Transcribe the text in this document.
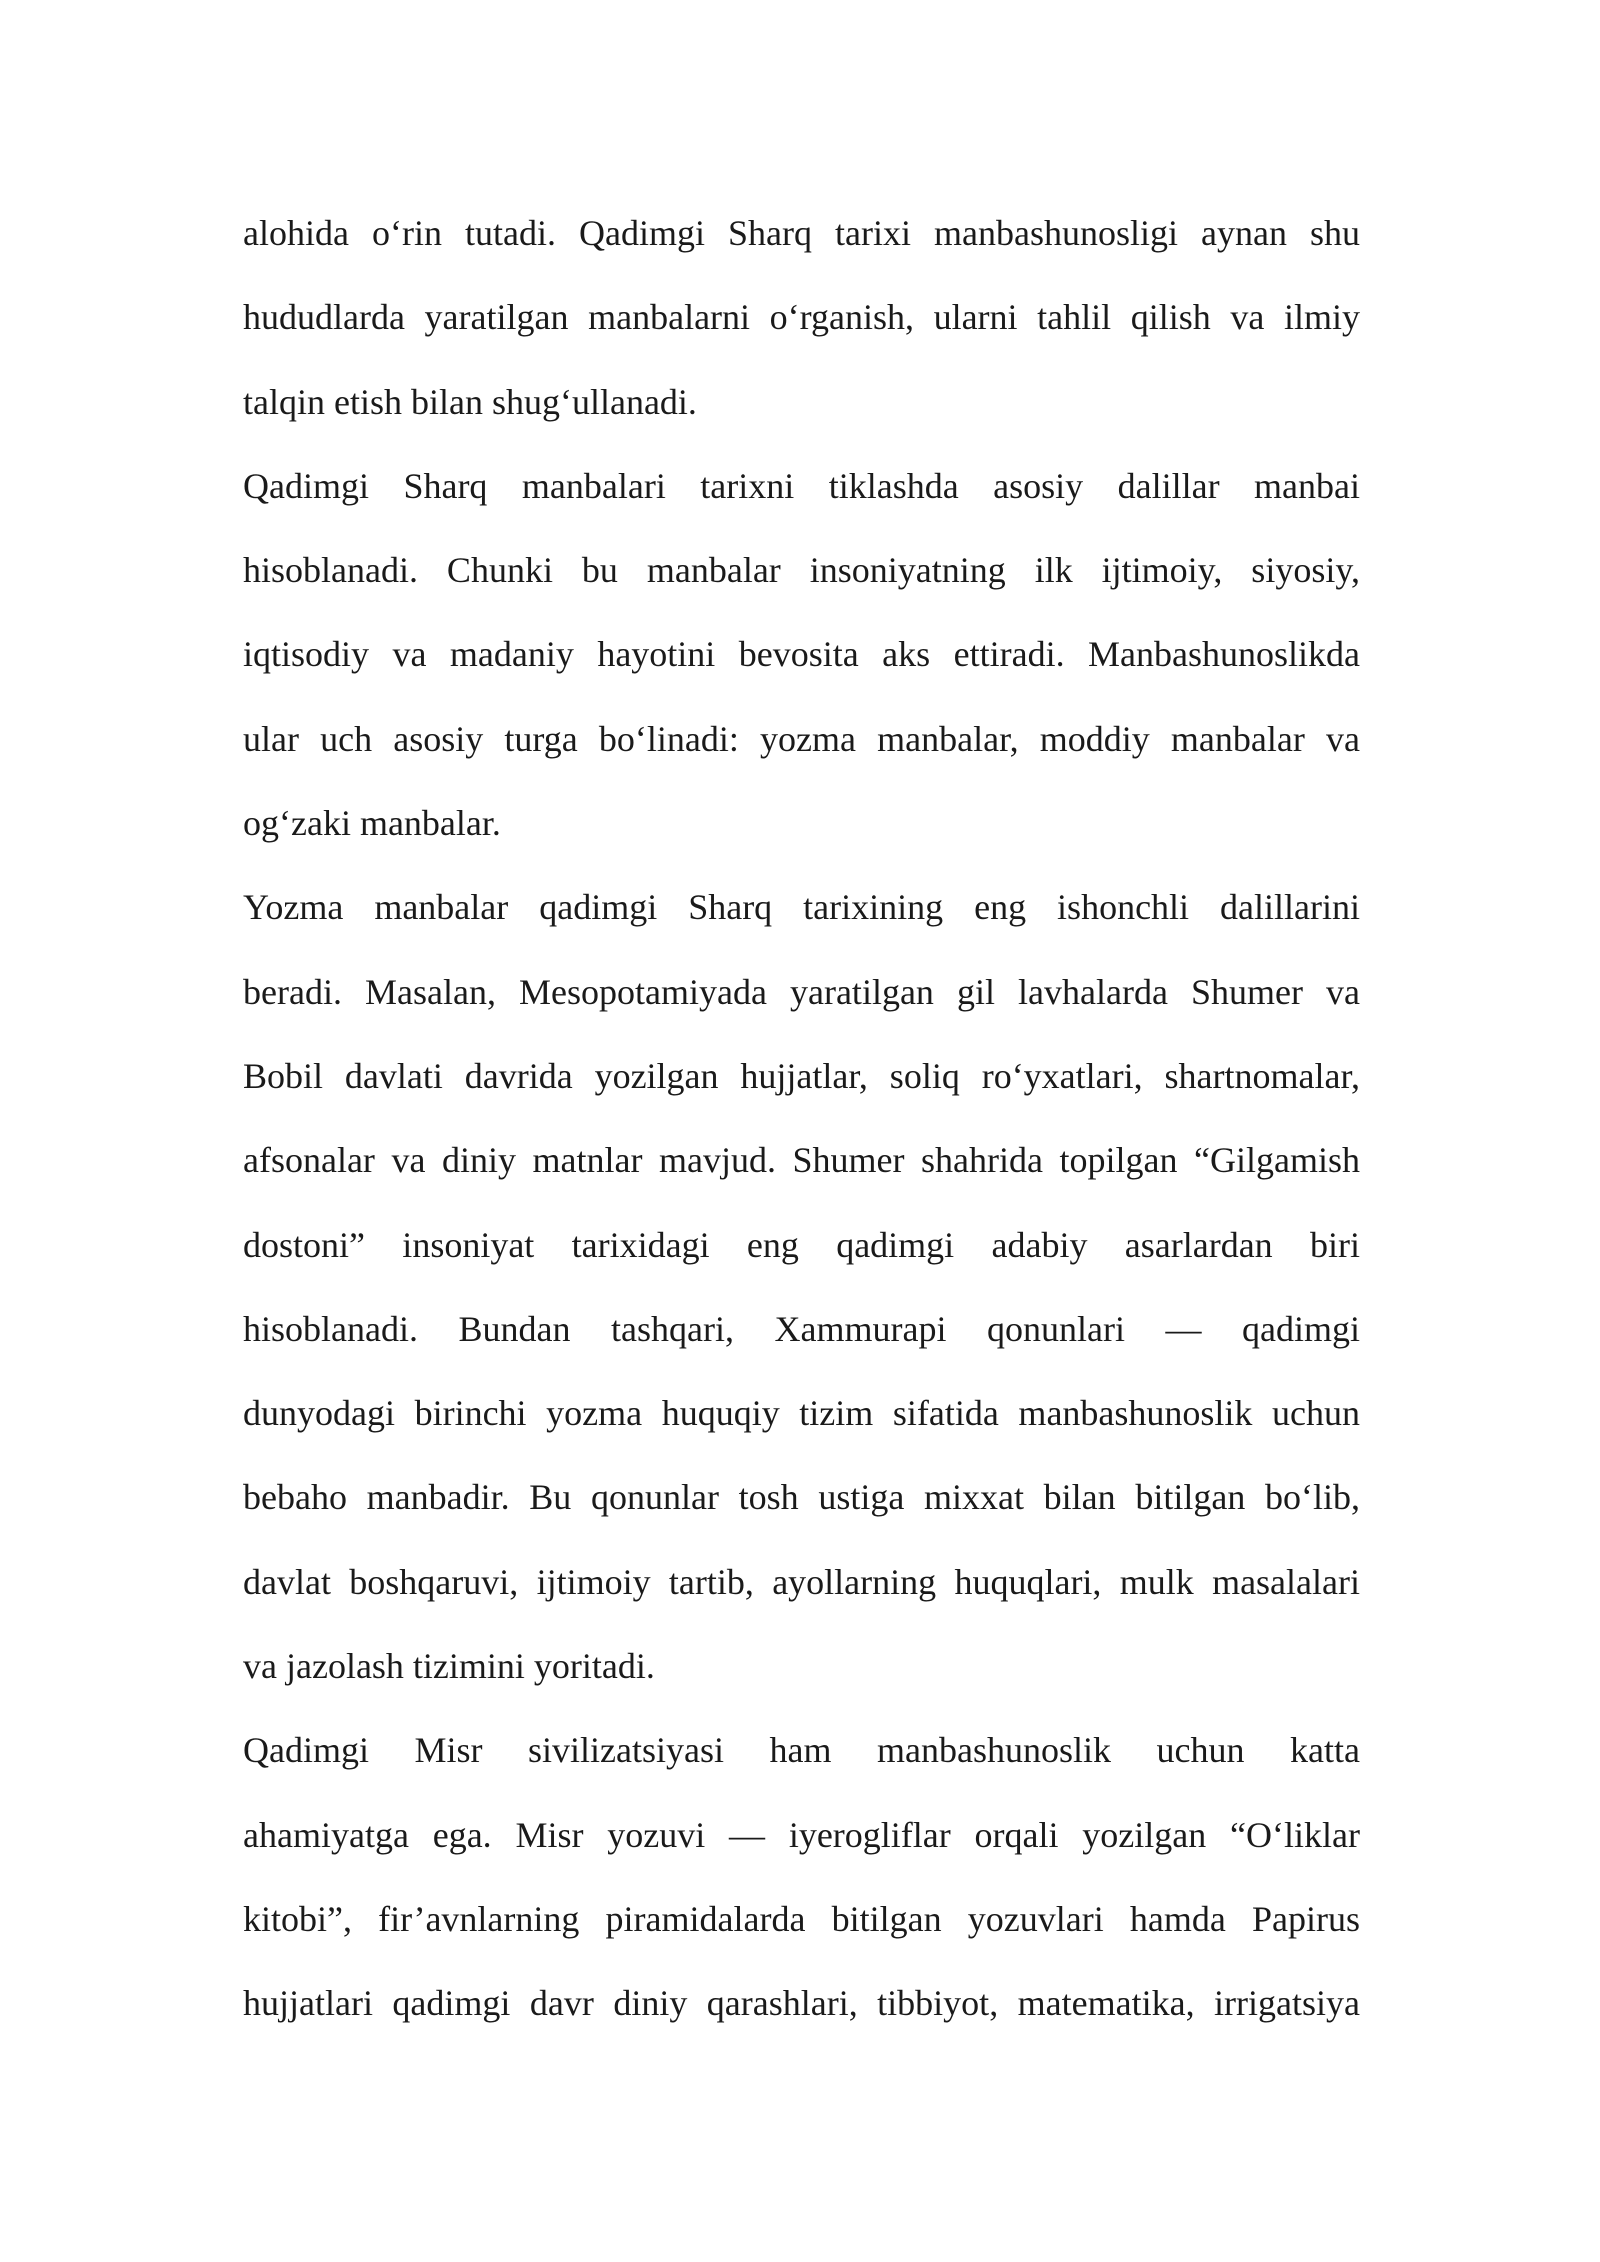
alohida o‘rin tutadi. Qadimgi Sharq tarixi manbashunosligi aynan shu
hududlarda yaratilgan manbalarni o‘rganish, ularni tahlil qilish va ilmiy
talqin etish bilan shug‘ullanadi.
Qadimgi Sharq manbalari tarixni tiklashda asosiy dalillar manbai
hisoblanadi. Chunki bu manbalar insoniyatning ilk ijtimoiy, siyosiy,
iqtisodiy va madaniy hayotini bevosita aks ettiradi. Manbashunoslikda
ular uch asosiy turga bo‘linadi: yozma manbalar, moddiy manbalar va
og‘zaki manbalar.
Yozma manbalar qadimgi Sharq tarixining eng ishonchli dalillarini
beradi. Masalan, Mesopotamiyada yaratilgan gil lavhalarda Shumer va
Bobil davlati davrida yozilgan hujjatlar, soliq ro‘yxatlari, shartnomalar,
afsonalar va diniy matnlar mavjud. Shumer shahrida topilgan “Gilgamish
dostoni” insoniyat tarixidagi eng qadimgi adabiy asarlardan biri
hisoblanadi. Bundan tashqari, Xammurapi qonunlari — qadimgi
dunyodagi birinchi yozma huquqiy tizim sifatida manbashunoslik uchun
bebaho manbadir. Bu qonunlar tosh ustiga mixxat bilan bitilgan bo‘lib,
davlat boshqaruvi, ijtimoiy tartib, ayollarning huquqlari, mulk masalalari
va jazolash tizimini yoritadi.
Qadimgi Misr sivilizatsiyasi ham manbashunoslik uchun katta
ahamiyatga ega. Misr yozuvi — iyerogliflar orqali yozilgan “O‘liklar
kitobi”, fir’avnlarning piramidalarda bitilgan yozuvlari hamda Papirus
hujjatlari qadimgi davr diniy qarashlari, tibbiyot, matematika, irrigatsiya
